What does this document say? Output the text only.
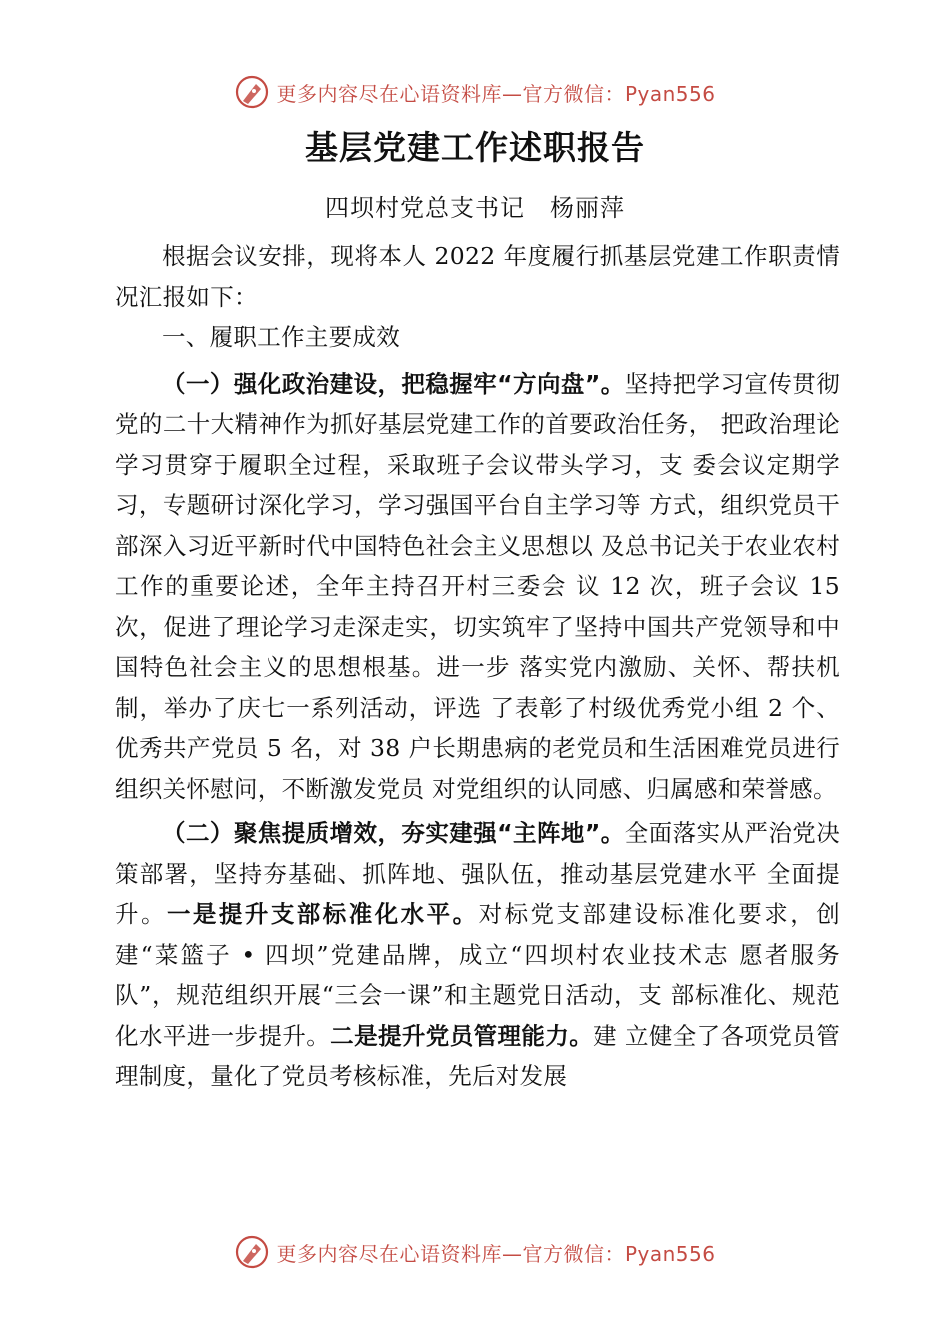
更多内容尽在心语资料库—官方微信：Pyan556
基层党建工作述职报告
四坝村党总支书记　杨丽萍

根据会议安排，现将本人 2022 年度履行抓基层党建工作职责情况汇报如下：

一、履职工作主要成效

（一）强化政治建设，把稳握牢“方向盘”。坚持把学习宣传贯彻党的二十大精神作为抓好基层党建工作的首要政治任务， 把政治理论学习贯穿于履职全过程，采取班子会议带头学习，支 委会议定期学习，专题研讨深化学习，学习强国平台自主学习等 方式，组织党员干部深入习近平新时代中国特色社会主义思想以 及总书记关于农业农村工作的重要论述，全年主持召开村三委会 议 12 次，班子会议 15 次，促进了理论学习走深走实，切实筑牢了坚持中国共产党领导和中国特色社会主义的思想根基。进一步 落实党内激励、关怀、帮扶机制，举办了庆七一系列活动，评选 了表彰了村级优秀党小组 2 个、优秀共产党员 5 名，对 38 户长期患病的老党员和生活困难党员进行组织关怀慰问，不断激发党员 对党组织的认同感、归属感和荣誉感。

（二）聚焦提质增效，夯实建强“主阵地”。全面落实从严治党决策部署，坚持夯基础、抓阵地、强队伍，推动基层党建水平 全面提升。一是提升支部标准化水平。对标党支部建设标准化要求，创建“菜篮子 • 四坝”党建品牌，成立“四坝村农业技术志 愿者服务队”，规范组织开展“三会一课”和主题党日活动，支 部标准化、规范化水平进一步提升。二是提升党员管理能力。建 立健全了各项党员管理制度，量化了党员考核标准，先后对发展

更多内容尽在心语资料库—官方微信：Pyan556
